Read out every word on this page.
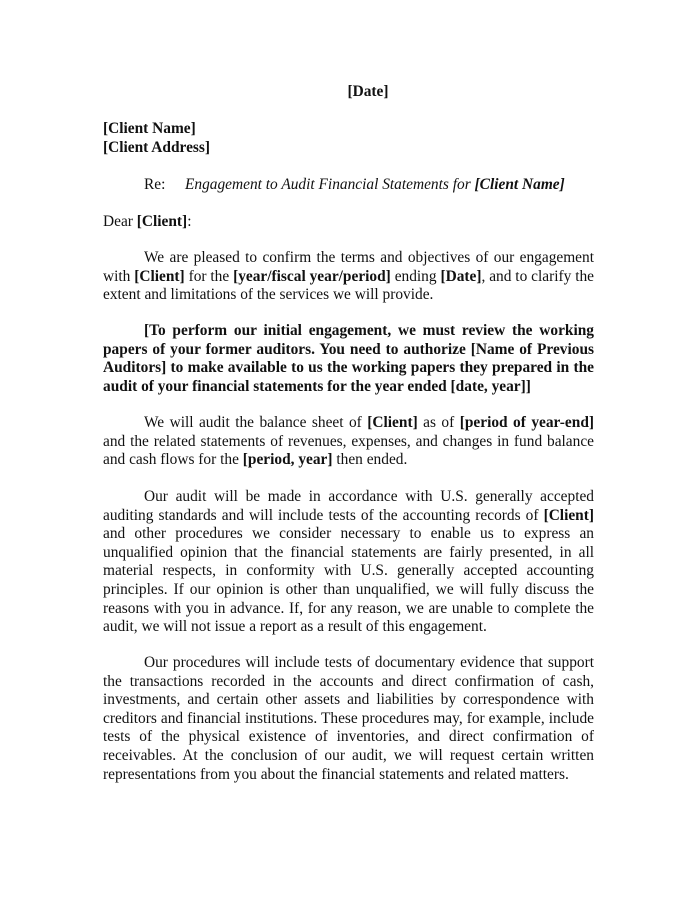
[Date]
[Client Name]
[Client Address]
Re: Engagement to Audit Financial Statements for [Client Name]
Dear [Client]:

We are pleased to confirm the terms and objectives of our engagement with [Client] for the [year/fiscal year/period] ending [Date], and to clarify the extent and limitations of the services we will provide.

[To perform our initial engagement, we must review the working papers of your former auditors. You need to authorize [Name of Previous Auditors] to make available to us the working papers they prepared in the audit of your financial statements for the year ended [date, year]]

We will audit the balance sheet of [Client] as of [period of year-end] and the related statements of revenues, expenses, and changes in fund balance and cash flows for the [period, year] then ended.

Our audit will be made in accordance with U.S. generally accepted auditing standards and will include tests of the accounting records of [Client] and other procedures we consider necessary to enable us to express an unqualified opinion that the financial statements are fairly presented, in all material respects, in conformity with U.S. generally accepted accounting principles. If our opinion is other than unqualified, we will fully discuss the reasons with you in advance. If, for any reason, we are unable to complete the audit, we will not issue a report as a result of this engagement.

Our procedures will include tests of documentary evidence that support the transactions recorded in the accounts and direct confirmation of cash, investments, and certain other assets and liabilities by correspondence with creditors and financial institutions. These procedures may, for example, include tests of the physical existence of inventories, and direct confirmation of receivables. At the conclusion of our audit, we will request certain written representations from you about the financial statements and related matters.
